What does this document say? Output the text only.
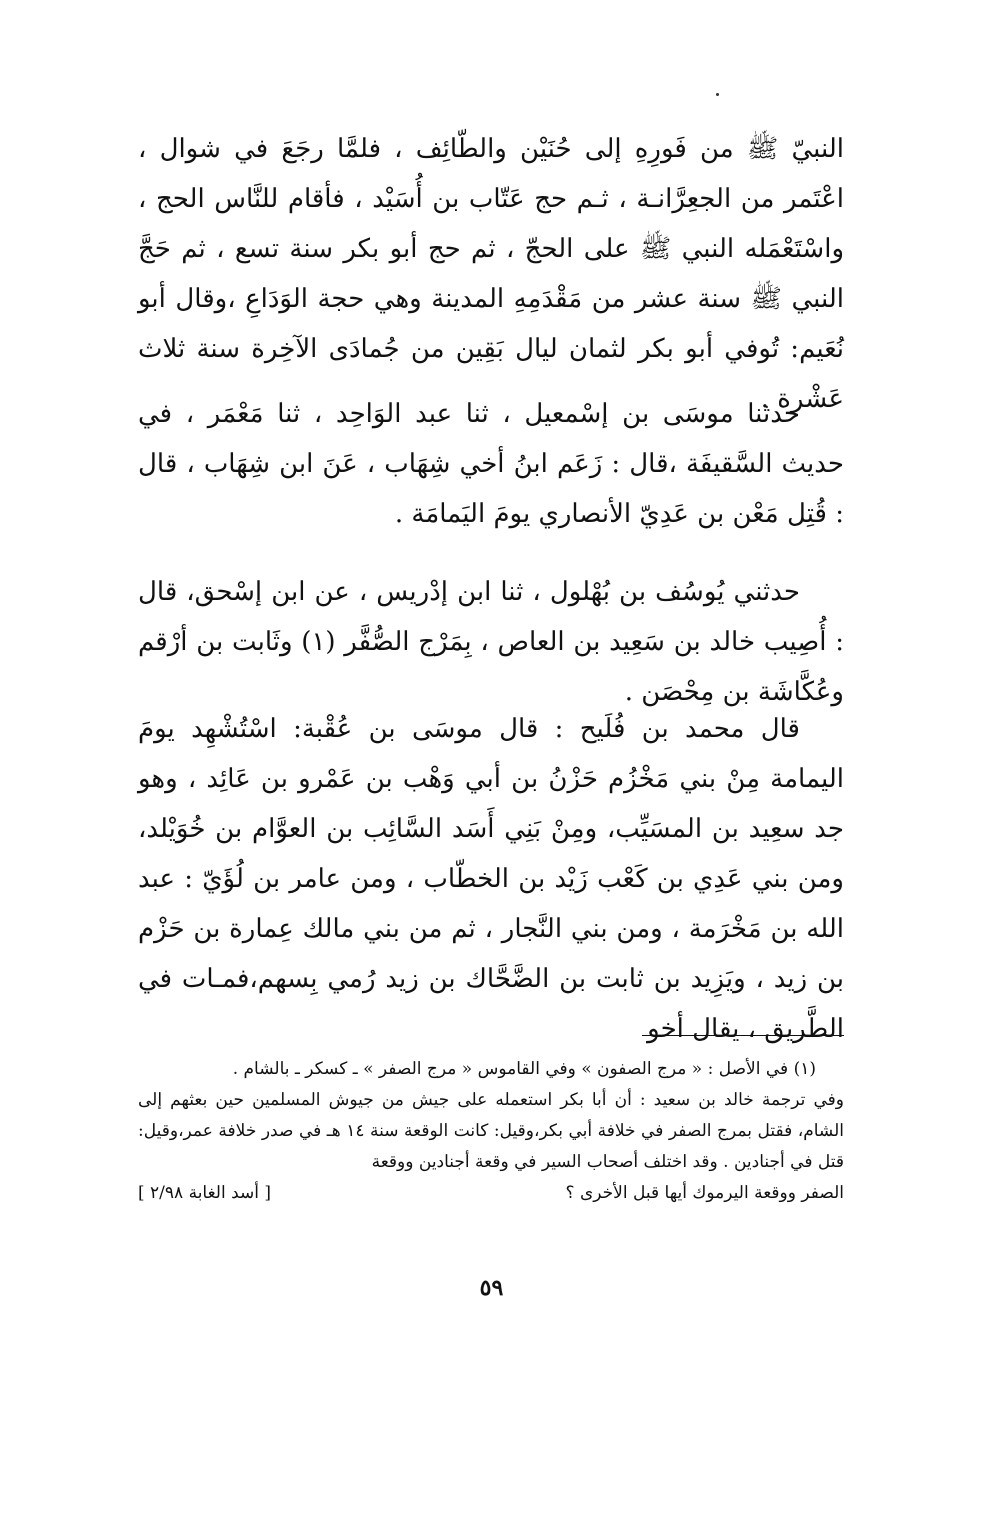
النبيّ ﷺ من فَورِهِ إلى حُنَيْن والطّائِف ، فلمَّا رجَعَ في شوال ، اعْتَمر من الجعِرَّانـة ، ثـم حج عَتّاب بن أُسَيْد ، فأقام للنَّاس الحج ، واسْتَعْمَله النبي ﷺ على الحجّ ، ثم حج أبو بكر سنة تسع ، ثم حَجَّ النبي ﷺ سنة عشر من مَقْدَمِهِ المدينة وهي حجة الوَدَاعِ ،وقال أبو نُعَيم: تُوفي أبو بكر لثمان ليال بَقِين من جُمادَى الآخِرة سنة ثلاث عَشْرة .
حدثنا موسَى بن إسْمعيل ، ثنا عبد الوَاحِد ، ثنا مَعْمَر ، في حديث السَّقيفَة ،قال : زَعَم ابنُ أخي شِهَاب ، عَنَ ابن شِهَاب ، قال : قُتِل مَعْن بن عَدِيّ الأنصاري يومَ اليَمامَة .
حدثني يُوسُف بن بُهْلول ، ثنا ابن إدْريس ، عن ابن إسْحق، قال : أُصِيب خالد بن سَعِيد بن العاص ، بِمَرْج الصُّفَّر (١) وثَابت بن أرْقم وعُكَّاشَة بن مِحْصَن .
قال محمد بن فُلَيح : قال موسَى بن عُقْبة: اسْتُشْهِد يومَ اليمامة مِنْ بني مَخْزُم حَزْنُ بن أبي وَهْب بن عَمْرو بن عَائِد ، وهو جد سعِيد بن المسَيِّب، ومِنْ بَنِي أَسَد السَّائِب بن العوَّام بن خُوَيْلد، ومن بني عَدِي بن كَعْب زَيْد بن الخطّاب ، ومن عامر بن لُؤَيّ : عبد الله بن مَخْرَمة ، ومن بني النَّجار ، ثم من بني مالك عِمارة بن حَزْم بن زيد ، ويَزِيد بن ثابت بن الضَّحَّاك بن زيد رُمي بِسهم،فمـات في الطَّريق ، يقال أخو
(١) في الأصل : « مرج الصفون » وفي القاموس « مرج الصفر » ـ كسكر ـ بالشام .
وفي ترجمة خالد بن سعيد : أن أبا بكر استعمله على جيش من جيوش المسلمين حين بعثهم إلى الشام، فقتل بمرج الصفر في خلافة أبي بكر،وقيل: كانت الوقعة سنة ١٤ هـ في صدر خلافة عمر،وقيل: قتل في أجنادين . وقد اختلف أصحاب السير في وقعة أجنادين ووقعة
الصفر ووقعة اليرموك أيها قبل الأخرى ؟
[ أسد الغابة ٢/٩٨ ]
٥٩
